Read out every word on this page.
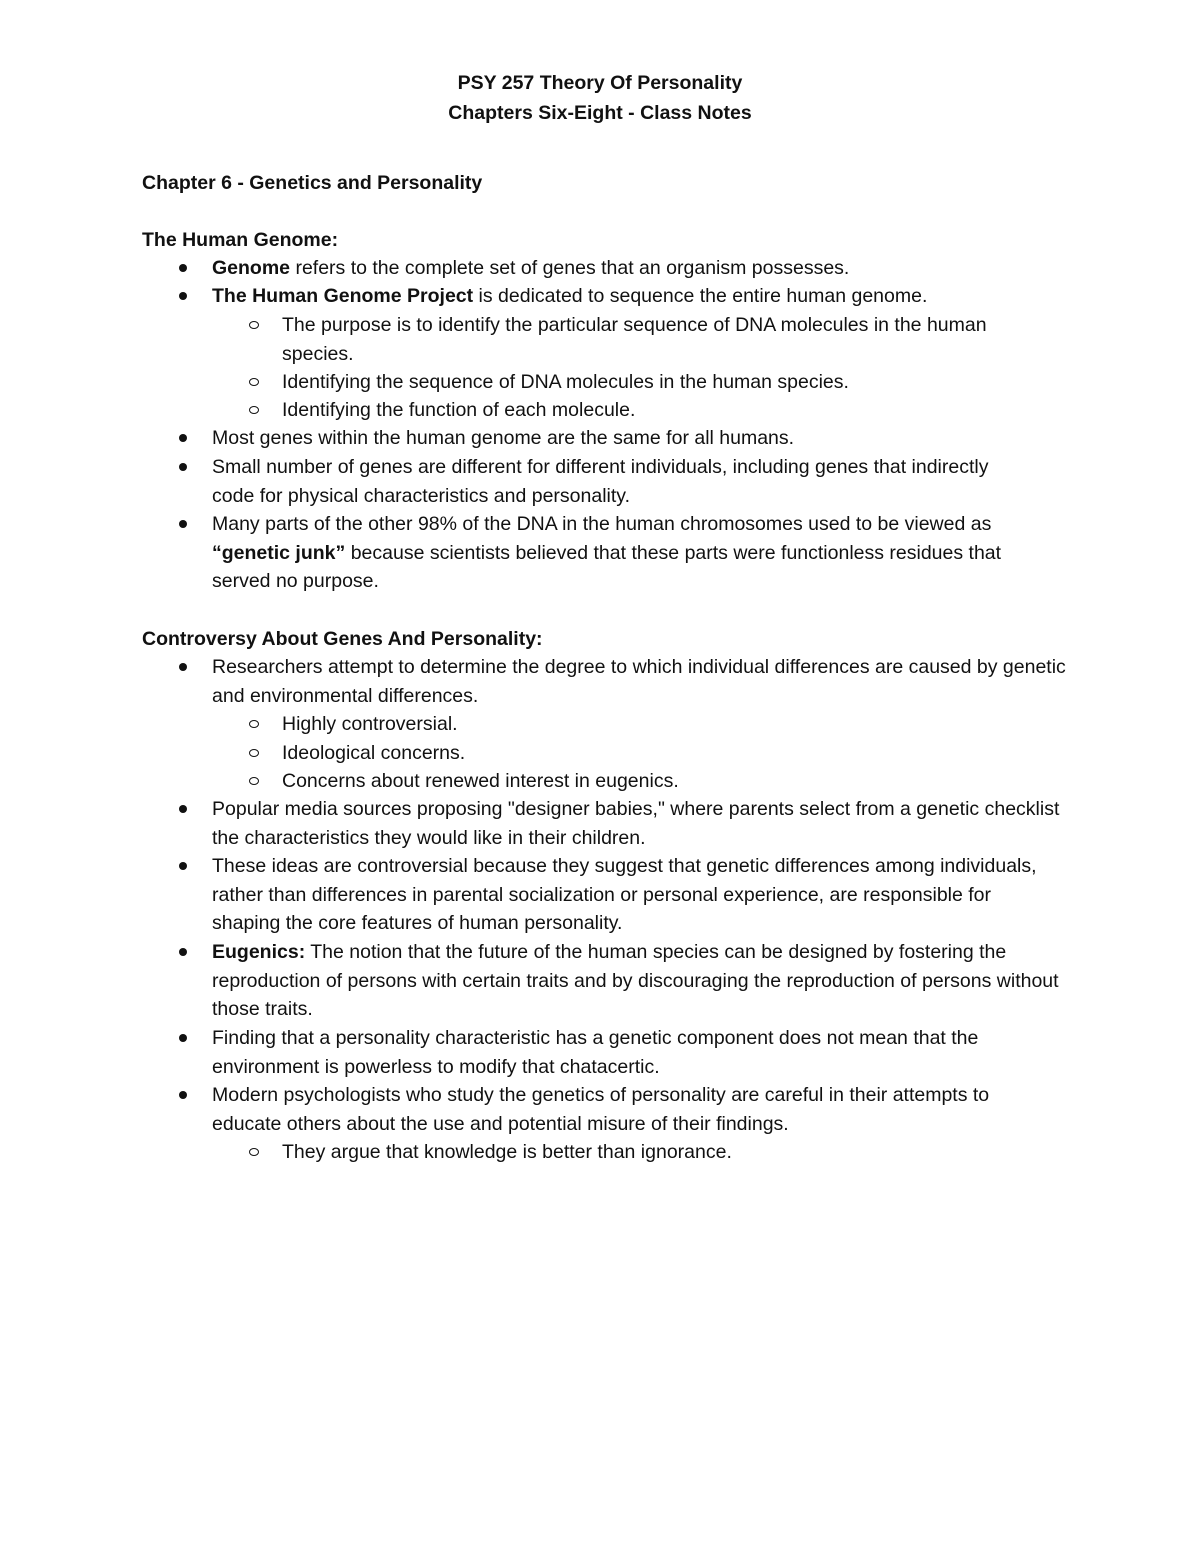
PSY 257 Theory Of Personality
Chapters Six-Eight - Class Notes
Chapter 6 - Genetics and Personality
The Human Genome:
Genome refers to the complete set of genes that an organism possesses.
The Human Genome Project is dedicated to sequence the entire human genome.
The purpose is to identify the particular sequence of DNA molecules in the human species.
Identifying the sequence of DNA molecules in the human species.
Identifying the function of each molecule.
Most genes within the human genome are the same for all humans.
Small number of genes are different for different individuals, including genes that indirectly code for physical characteristics and personality.
Many parts of the other 98% of the DNA in the human chromosomes used to be viewed as “genetic junk” because scientists believed that these parts were functionless residues that served no purpose.
Controversy About Genes And Personality:
Researchers attempt to determine the degree to which individual differences are caused by genetic and environmental differences.
Highly controversial.
Ideological concerns.
Concerns about renewed interest in eugenics.
Popular media sources proposing "designer babies," where parents select from a genetic checklist the characteristics they would like in their children.
These ideas are controversial because they suggest that genetic differences among individuals, rather than differences in parental socialization or personal experience, are responsible for shaping the core features of human personality.
Eugenics: The notion that the future of the human species can be designed by fostering the reproduction of persons with certain traits and by discouraging the reproduction of persons without those traits.
Finding that a personality characteristic has a genetic component does not mean that the environment is powerless to modify that chatacertic.
Modern psychologists who study the genetics of personality are careful in their attempts to educate others about the use and potential misure of their findings.
They argue that knowledge is better than ignorance.
